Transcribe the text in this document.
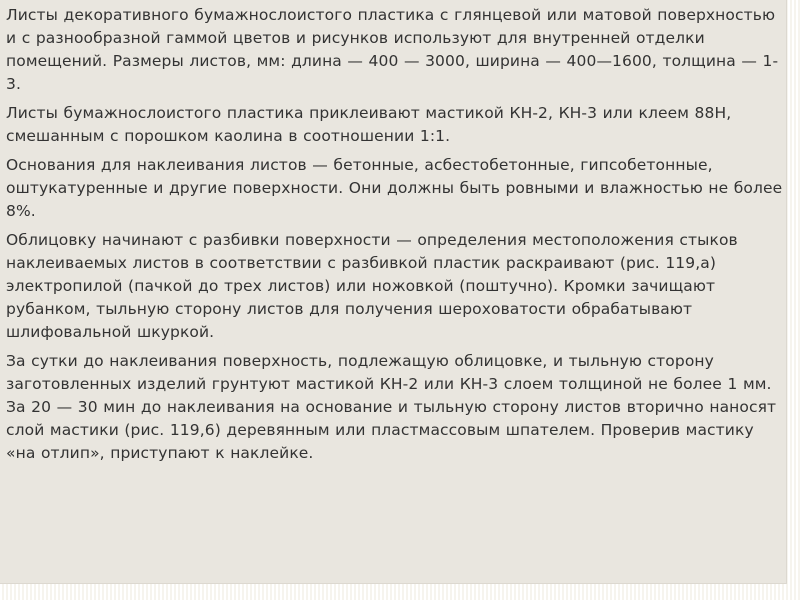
Листы декоративного бумажнослоистого пластика с глянцевой или матовой поверхностью и с разнообразной гаммой цветов и рисунков используют для внутренней отделки помещений. Размеры листов, мм: длина — 400 — 3000, ширина — 400—1600, толщина — 1-3.

Листы бумажнослоистого пластика приклеивают мастикой КН-2, КН-3 или клеем 88Н, смешанным с порошком каолина в соотношении 1:1.

Основания для наклеивания листов — бетонные, асбестобетонные, гипсобетонные, оштукатуренные и другие поверхности. Они должны быть ровными и влажностью не более 8%.

Облицовку начинают с разбивки поверхности — определения местоположения стыков наклеиваемых листов в соответствии с разбивкой пластик раскраивают (рис. 119,а) электропилой (пачкой до трех листов) или ножовкой (поштучно). Кромки зачищают рубанком, тыльную сторону листов для получения шероховатости обрабатывают шлифовальной шкуркой.

За сутки до наклеивания поверхность, подлежащую облицовке, и тыльную сторону заготовленных изделий грунтуют мастикой КН-2 или КН-3 слоем толщиной не более 1 мм. За 20 — 30 мин до наклеивания на основание и тыльную сторону листов вторично наносят слой мастики (рис. 119,6) деревянным или пластмассовым шпателем. Проверив мастику «на отлип», приступают к наклейке.
